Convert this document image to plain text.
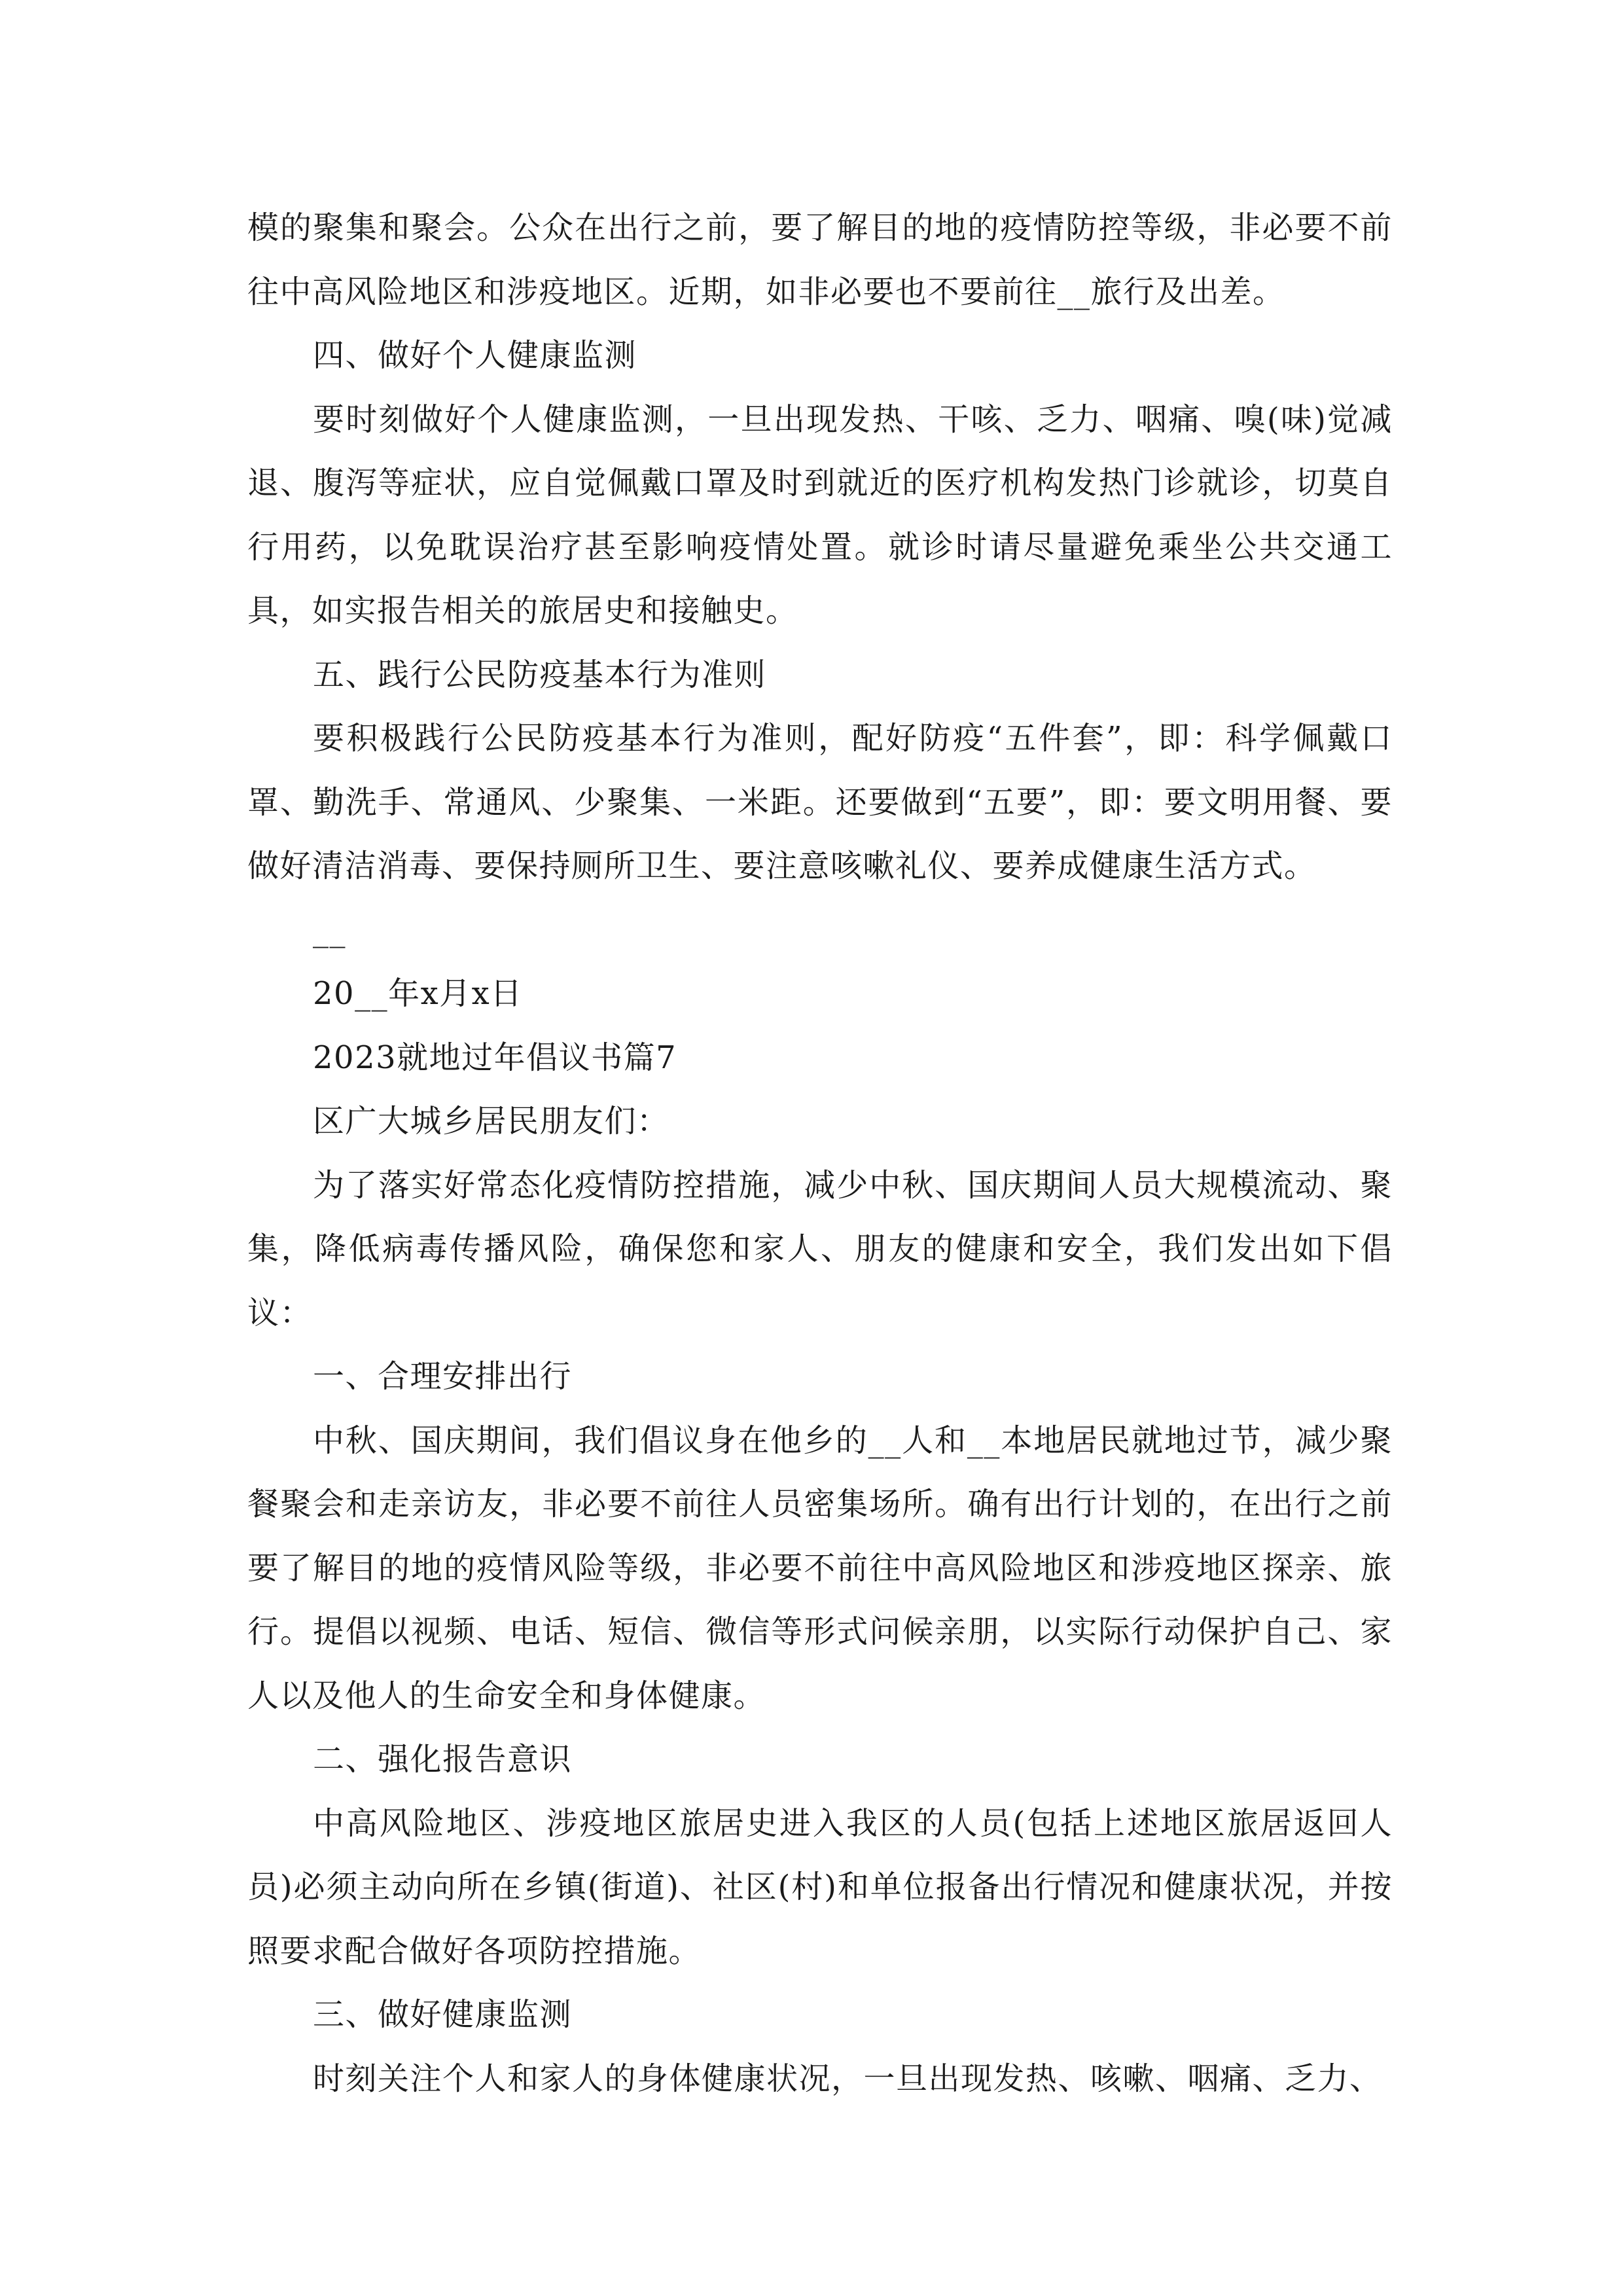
模的聚集和聚会。公众在出行之前，要了解目的地的疫情防控等级，非必要不前往中高风险地区和涉疫地区。近期，如非必要也不要前往__旅行及出差。

四、做好个人健康监测

要时刻做好个人健康监测，一旦出现发热、干咳、乏力、咽痛、嗅(味)觉减退、腹泻等症状，应自觉佩戴口罩及时到就近的医疗机构发热门诊就诊，切莫自行用药，以免耽误治疗甚至影响疫情处置。就诊时请尽量避免乘坐公共交通工具，如实报告相关的旅居史和接触史。

五、践行公民防疫基本行为准则

要积极践行公民防疫基本行为准则，配好防疫“五件套”，即：科学佩戴口罩、勤洗手、常通风、少聚集、一米距。还要做到“五要”，即：要文明用餐、要做好清洁消毒、要保持厕所卫生、要注意咳嗽礼仪、要养成健康生活方式。

__

20__年x月x日

2023就地过年倡议书篇7

区广大城乡居民朋友们：

为了落实好常态化疫情防控措施，减少中秋、国庆期间人员大规模流动、聚集，降低病毒传播风险，确保您和家人、朋友的健康和安全，我们发出如下倡议：

一、合理安排出行

中秋、国庆期间，我们倡议身在他乡的__人和__本地居民就地过节，减少聚餐聚会和走亲访友，非必要不前往人员密集场所。确有出行计划的，在出行之前要了解目的地的疫情风险等级，非必要不前往中高风险地区和涉疫地区探亲、旅行。提倡以视频、电话、短信、微信等形式问候亲朋，以实际行动保护自己、家人以及他人的生命安全和身体健康。

二、强化报告意识

中高风险地区、涉疫地区旅居史进入我区的人员(包括上述地区旅居返回人员)必须主动向所在乡镇(街道)、社区(村)和单位报备出行情况和健康状况，并按照要求配合做好各项防控措施。

三、做好健康监测

时刻关注个人和家人的身体健康状况，一旦出现发热、咳嗽、咽痛、乏力、
